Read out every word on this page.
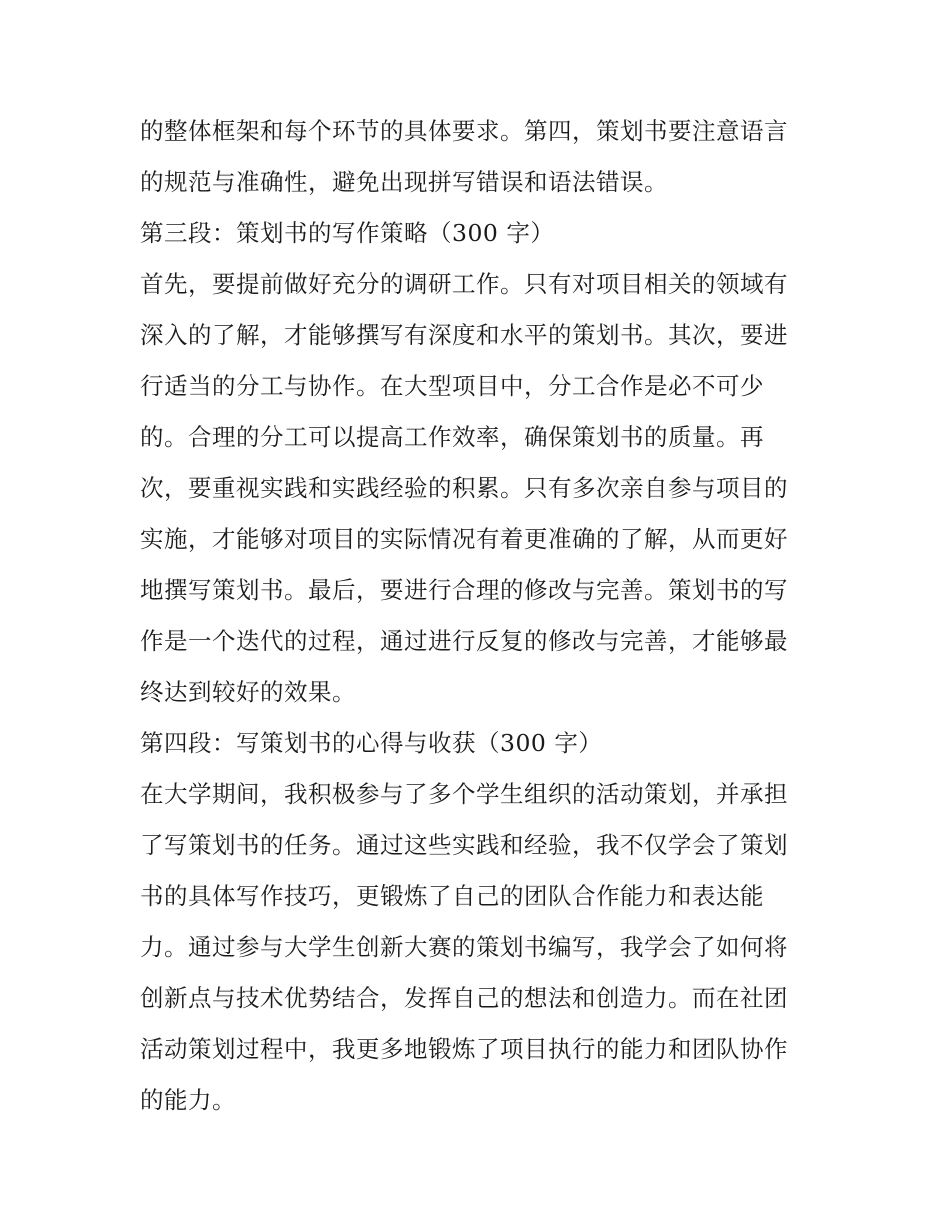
的整体框架和每个环节的具体要求。第四，策划书要注意语言
的规范与准确性，避免出现拼写错误和语法错误。
第三段：策划书的写作策略（300 字）
首先，要提前做好充分的调研工作。只有对项目相关的领域有
深入的了解，才能够撰写有深度和水平的策划书。其次，要进
行适当的分工与协作。在大型项目中，分工合作是必不可少
的。合理的分工可以提高工作效率，确保策划书的质量。再
次，要重视实践和实践经验的积累。只有多次亲自参与项目的
实施，才能够对项目的实际情况有着更准确的了解，从而更好
地撰写策划书。最后，要进行合理的修改与完善。策划书的写
作是一个迭代的过程，通过进行反复的修改与完善，才能够最
终达到较好的效果。
第四段：写策划书的心得与收获（300 字）
在大学期间，我积极参与了多个学生组织的活动策划，并承担
了写策划书的任务。通过这些实践和经验，我不仅学会了策划
书的具体写作技巧，更锻炼了自己的团队合作能力和表达能
力。通过参与大学生创新大赛的策划书编写，我学会了如何将
创新点与技术优势结合，发挥自己的想法和创造力。而在社团
活动策划过程中，我更多地锻炼了项目执行的能力和团队协作
的能力。
